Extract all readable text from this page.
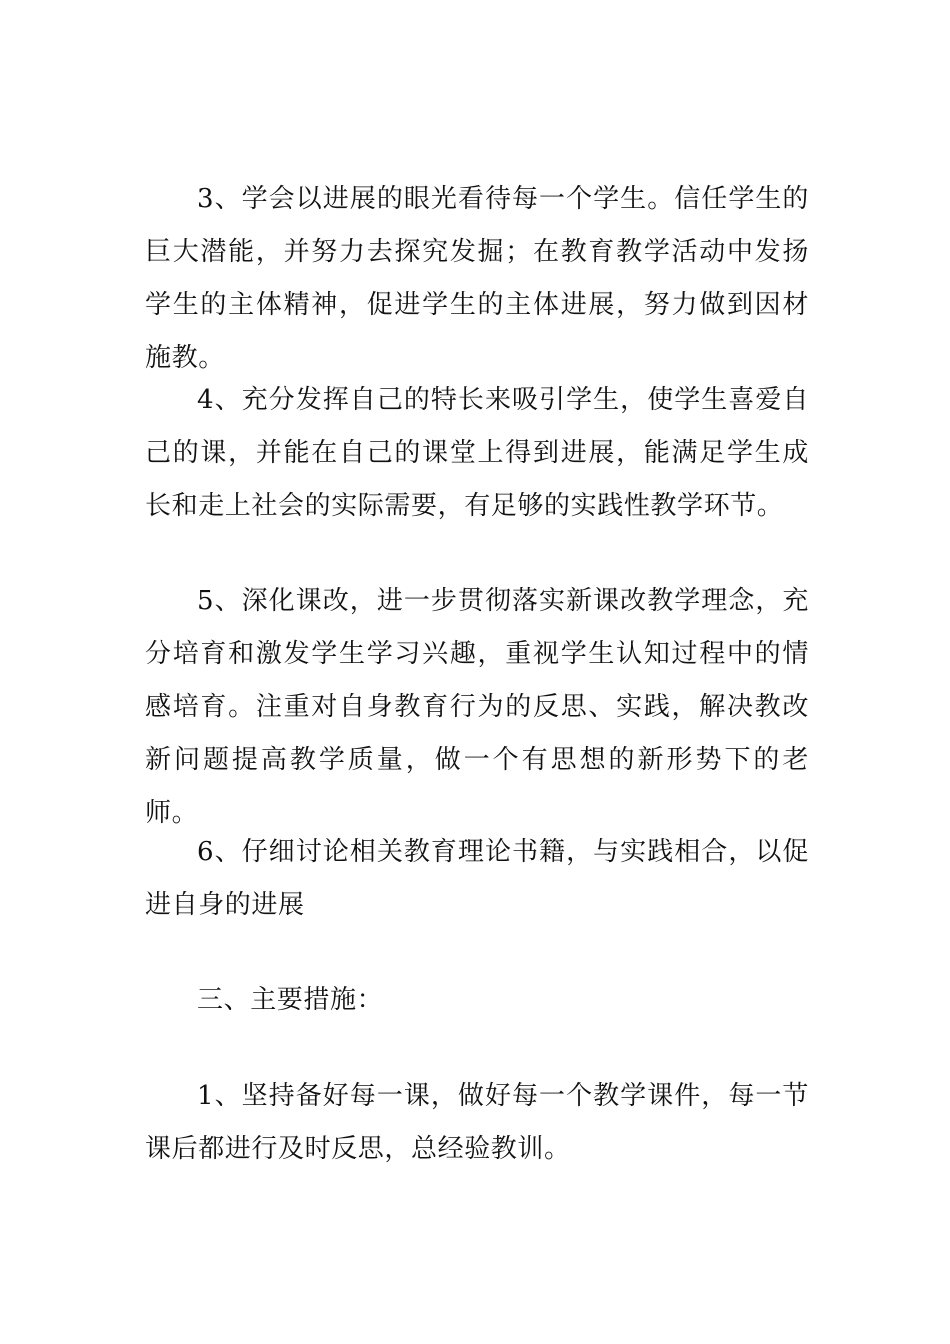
3、学会以进展的眼光看待每一个学生。信任学生的巨大潜能，并努力去探究发掘；在教育教学活动中发扬学生的主体精神，促进学生的主体进展，努力做到因材施教。

4、充分发挥自己的特长来吸引学生，使学生喜爱自己的课，并能在自己的课堂上得到进展，能满足学生成长和走上社会的实际需要，有足够的实践性教学环节。

5、深化课改，进一步贯彻落实新课改教学理念，充分培育和激发学生学习兴趣，重视学生认知过程中的情感培育。注重对自身教育行为的反思、实践，解决教改新问题提高教学质量，做一个有思想的新形势下的老师。

6、仔细讨论相关教育理论书籍，与实践相合，以促进自身的进展

三、主要措施：

1、坚持备好每一课，做好每一个教学课件，每一节课后都进行及时反思，总经验教训。
